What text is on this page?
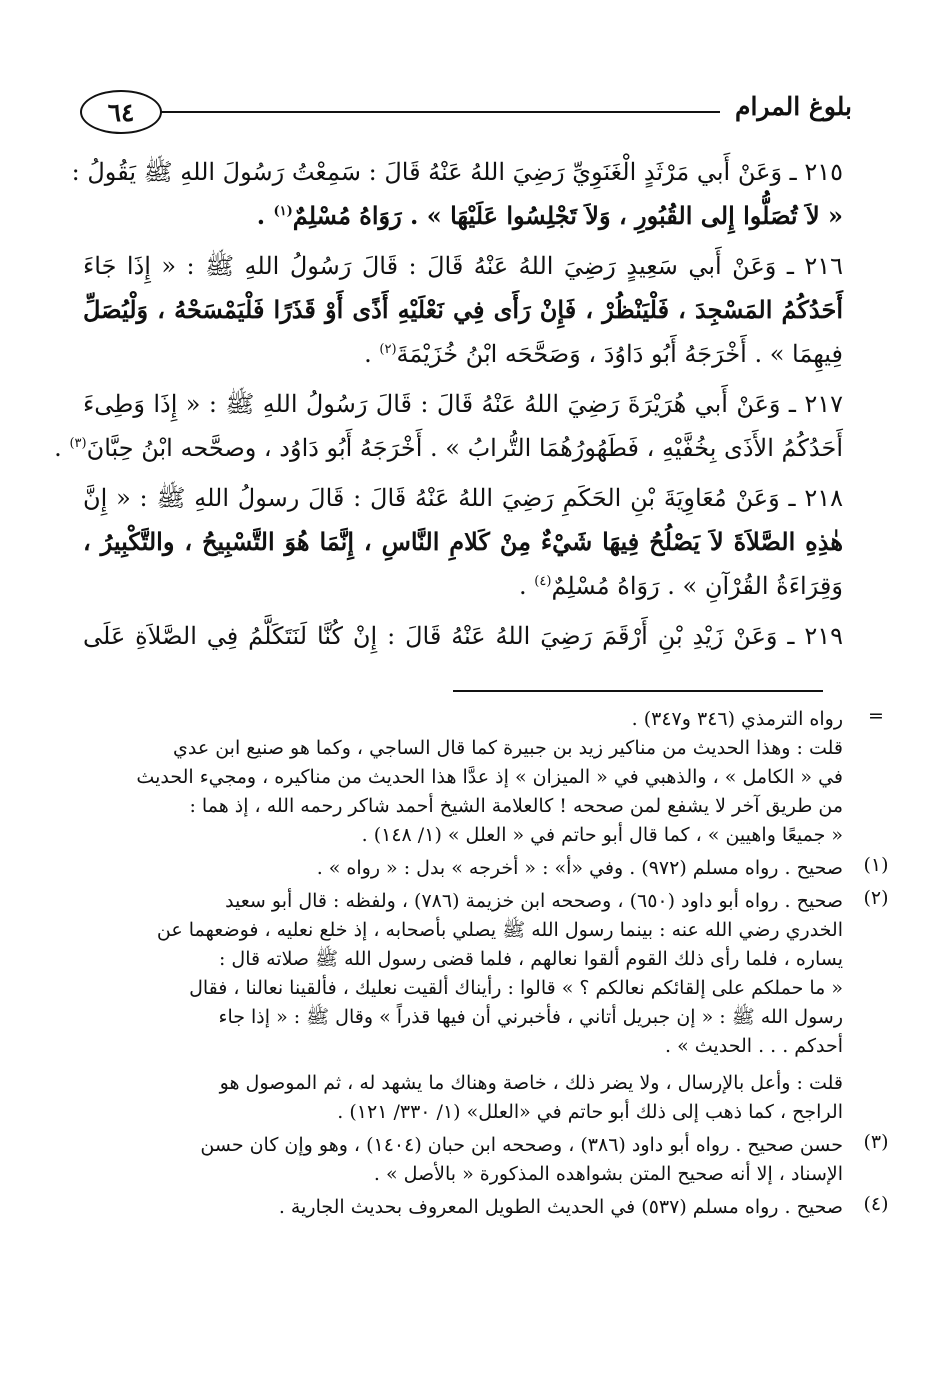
بلوغ المرام
٦٤
٢١٥ ـ وَعَنْ أَبي مَرْثَدٍ الْغَنَوِيِّ رَضِيَ اللهُ عَنْهُ قَالَ : سَمِعْتُ رَسُولَ اللهِ ﷺ يَقُولُ :
« لاَ تُصَلُّوا إِلى القُبُورِ ، وَلاَ تَجْلِسُوا عَلَيْهَا » . رَوَاهُ مُسْلِمٌ$^{(١)}$ .
٢١٦ ـ وَعَنْ أَبي سَعِيدٍ رَضِيَ اللهُ عَنْهُ قَالَ : قَالَ رَسُولُ اللهِ ﷺ : « إِذَا جَاءَ
أَحَدُكُمُ المَسْجِدَ ، فَلْيَنْظُرْ ، فَإِنْ رَأَى فِي نَعْلَيْهِ أَذًى أَوْ قَذَرًا فَلْيَمْسَحْهُ ، وَلْيُصَلِّ
فِيهِمَا » . أَخْرَجَهُ أَبُو دَاوُدَ ، وَصَحَّحَه ابْنُ خُزَيْمَةَ$^{(٢)}$ .
٢١٧ ـ وَعَنْ أَبي هُرَيْرَةَ رَضِيَ اللهُ عَنْهُ قَالَ : قَالَ رَسُولُ اللهِ ﷺ : « إِذَا وَطِىءَ
أَحَدُكُمُ الأَذَى بِخُفَّيْهِ ، فَطَهُورُهُمَا التُّرابُ » . أَخْرَجَهُ أَبُو دَاوُد ، وصحَّحه ابْنُ حِبَّانَ$^{(٣)}$ .
٢١٨ ـ وَعَنْ مُعَاوِيَةَ بْنِ الحَكَمِ رَضِيَ اللهُ عَنْهُ قَالَ : قَالَ رسولُ اللهِ ﷺ : « إِنَّ
هٰذِهِ الصَّلاَةَ لاَ يَصْلُحُ فِيهَا شَيْءٌ مِنْ كَلامِ النَّاسِ ، إِنَّمَا هُوَ التَّسْبِيحُ ، والتَّكْبِيرُ ،
وَقِرَاءَةُ القُرْآنِ » . رَوَاهُ مُسْلِمٌ$^{(٤)}$ .
٢١٩ ـ وَعَنْ زَيْدِ بْنِ أَرْقَمَ رَضِيَ اللهُ عَنْهُ قَالَ : إِنْ كُنَّا لَنَتَكَلَّمُ فِي الصَّلاَةِ عَلَى
=
رواه الترمذي (٣٤٦ و٣٤٧) .
قلت : وهذا الحديث من مناكير زيد بن جبيرة كما قال الساجي ، وكما هو صنيع ابن عدي
في « الكامل » ، والذهبي في « الميزان » إذ عدَّا هذا الحديث من مناكيره ، ومجيء الحديث
من طريق آخر لا يشفع لمن صححه ! كالعلامة الشيخ أحمد شاكر رحمه الله ، إذ هما :
« جميعًا واهيين » ، كما قال أبو حاتم في « العلل » (١/ ١٤٨) .
(١)
صحيح . رواه مسلم (٩٧٢) . وفي «أ» : « أخرجه » بدل : « رواه » .
(٢)
صحيح . رواه أبو داود (٦٥٠) ، وصححه ابن خزيمة (٧٨٦) ، ولفظه : قال أبو سعيد
الخدري رضي الله عنه : بينما رسول الله ﷺ يصلي بأصحابه ، إذ خلع نعليه ، فوضعهما عن
يساره ، فلما رأى ذلك القوم ألقوا نعالهم ، فلما قضى رسول الله ﷺ صلاته قال :
« ما حملكم على إلقائكم نعالكم ؟ » قالوا : رأيناك ألقيت نعليك ، فألقينا نعالنا ، فقال
رسول الله ﷺ : « إن جبريل أتاني ، فأخبرني أن فيها قذراً » وقال ﷺ : « إذا جاء
أحدكم . . . الحديث » .
قلت : وأعل بالإرسال ، ولا يضر ذلك ، خاصة وهناك ما يشهد له ، ثم الموصول هو
الراجح ، كما ذهب إلى ذلك أبو حاتم في «العلل» (١/ ٣٣٠/ ١٢١) .
(٣)
حسن صحيح . رواه أبو داود (٣٨٦) ، وصححه ابن حبان (١٤٠٤) ، وهو وإن كان حسن
الإسناد ، إلا أنه صحيح المتن بشواهده المذكورة « بالأصل » .
(٤)
صحيح . رواه مسلم (٥٣٧) في الحديث الطويل المعروف بحديث الجارية .
